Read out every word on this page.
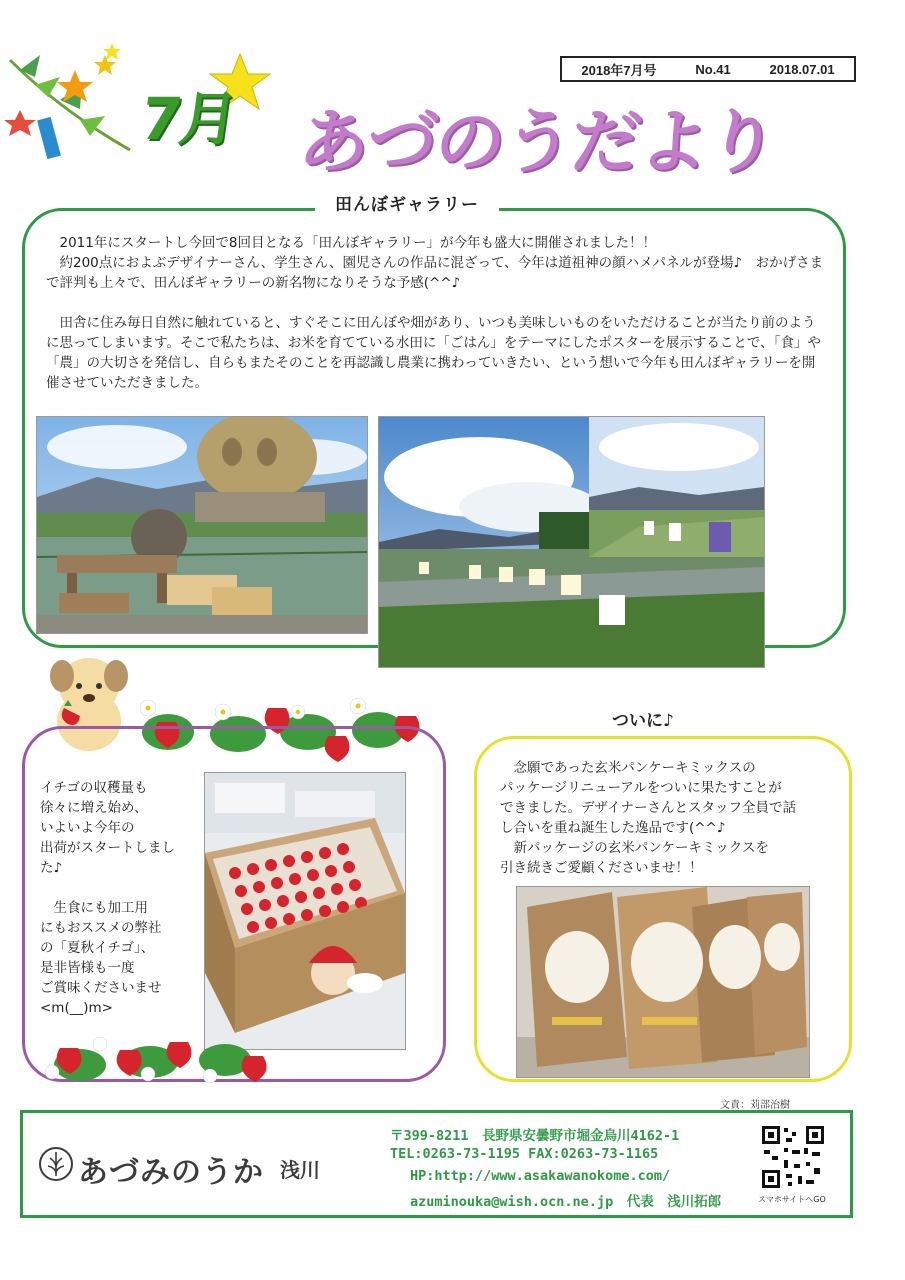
2018年7月号	No.41	2018.07.01
7月 あづのうだより
田んぼギャラリー

2011年にスタートし今回で8回目となる「田んぼギャラリー」が今年も盛大に開催されました！！

約200点におよぶデザイナーさん、学生さん、園児さんの作品に混ざって、今年は道祖神の顔ハメパネルが登場♪　おかげさまで評判も上々で、田んぼギャラリーの新名物になりそうな予感(^^♪

田舎に住み毎日自然に触れていると、すぐそこに田んぼや畑があり、いつも美味しいものをいただけることが当たり前のように思ってしまいます。そこで私たちは、お米を育てている水田に「ごはん」をテーマにしたポスターを展示することで、「食」や「農」の大切さを発信し、自らもまたそのことを再認識し農業に携わっていきたい、という想いで今年も田んぼギャラリーを開催させていただきました。

イチゴの収穫量も
徐々に増え始め、
いよいよ今年の
出荷がスタートしまし
た♪
生食にも加工用
にもおススメの弊社
の「夏秋イチゴ」、
是非皆様も一度
ご賞味くださいませ
<m(__)m>
ついに♪
念願であった玄米パンケーキミックスの
パッケージリニューアルをついに果たすことが
できました。デザイナーさんとスタッフ全員で話
し合いを重ね誕生した逸品です(^^♪
新パッケージの玄米パンケーキミックスを
引き続きご愛顧くださいませ！！
文責：苅部治樹
あづみのうか 浅川
〒399-8211　長野県安曇野市堀金烏川4162-1
TEL:0263-73-1195 FAX:0263-73-1165
HP:http://www.asakawanokome.com/
azuminouka@wish.ocn.ne.jp　代表　浅川拓郎	スマホサイトへGO
